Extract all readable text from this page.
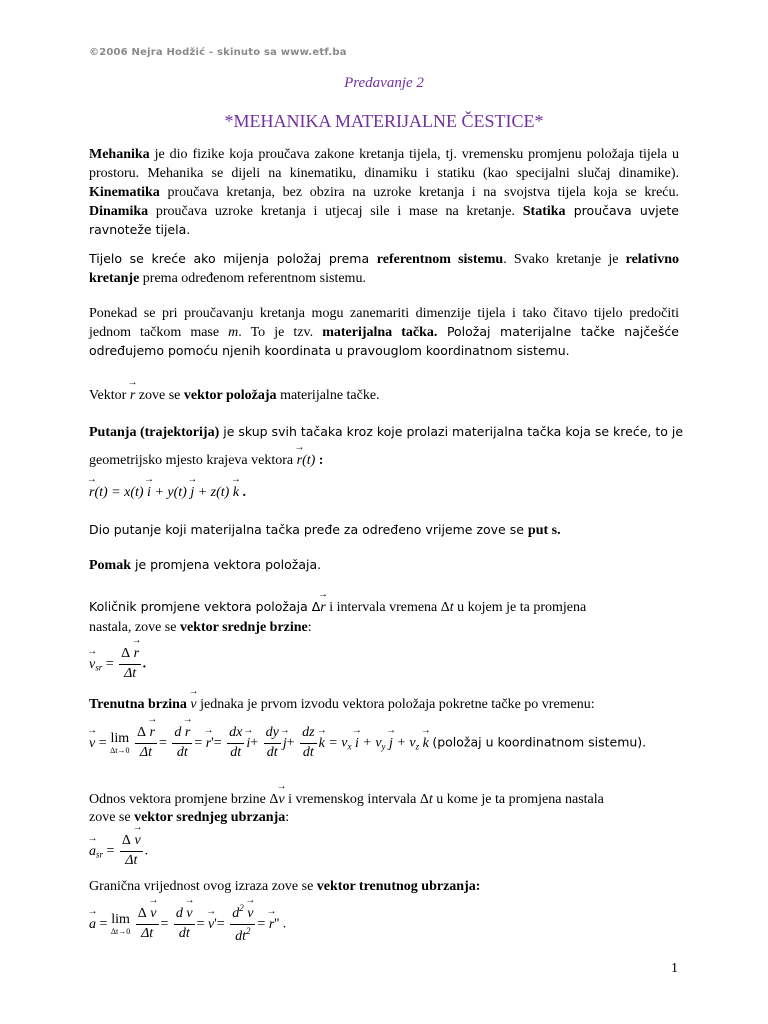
©2006 Nejra Hodžić - skinuto sa www.etf.ba
Predavanje 2
*MEHANIKA MATERIJALNE ČESTICE*
Mehanika je dio fizike koja proučava zakone kretanja tijela, tj. vremensku promjenu položaja tijela u prostoru. Mehanika se dijeli na kinematiku, dinamiku i statiku (kao specijalni slučaj dinamike). Kinematika proučava kretanja, bez obzira na uzroke kretanja i na svojstva tijela koja se kreću. Dinamika proučava uzroke kretanja i utjecaj sile i mase na kretanje. Statika proučava uvjete ravnoteže tijela.
Tijelo se kreće ako mijenja položaj prema referentnom sistemu. Svako kretanje je relativno kretanje prema određenom referentnom sistemu.
Ponekad se pri proučavanju kretanja mogu zanemariti dimenzije tijela i tako čitavo tijelo predočiti jednom tačkom mase m. To je tzv. materijalna tačka. Položaj materijalne tačke najčešće određujemo pomoću njenih koordinata u pravouglom koordinatnom sistemu.
Vektor → r zove se vektor položaja materijalne tačke.
Putanja (trajektorija) je skup svih tačaka kroz koje prolazi materijalna tačka koja se kreće, to je
geometrijsko mjesto krajeva vektora → r(t) :
→ r(t) = x(t) → i + y(t) → j + z(t) → k .
Dio putanje koji materijalna tačka pređe za određeno vrijeme zove se put s.
Pomak je promjena vektora položaja.
Količnik promjene vektora položaja Δ→ r i intervala vremena Δt u kojem je ta promjena
nastala, zove se vektor srednje brzine:
→ $v_{sr} = \frac{\Delta \to r}{\Delta t}$ .
Trenutna brzina → v jednaka je prvom izvodu vektora položaja pokretne tačke po vremenu:
→ v = lim
Δt→0
$\frac{\Delta \to r}{\Delta t} = \frac{d \to r}{dt}$ = → $r'= \frac{dx}{dt}$
→ $i+ \frac{dy}{dt}$
→ $j+ \frac{dz}{dt}$
→ $k = v_x \to i + v_y \to j + v_z \to k$ (položaj u koordinatnom sistemu).
Odnos vektora promjene brzine Δ→ v i vremenskog intervala Δt u kome je ta promjena nastala
zove se vektor srednjeg ubrzanja:
→ $a_{sr} = \frac{\Delta \to v}{\Delta t}$ .
Granična vrijednost ovog izraza zove se vektor trenutnog ubrzanja:
→ a = lim
Δt→0
$\frac{\Delta \to v}{\Delta t} = \frac{d \to v}{dt}$ = → $v'= \frac{d^2 \to v}{dt^2}$ = → r'' .
1
